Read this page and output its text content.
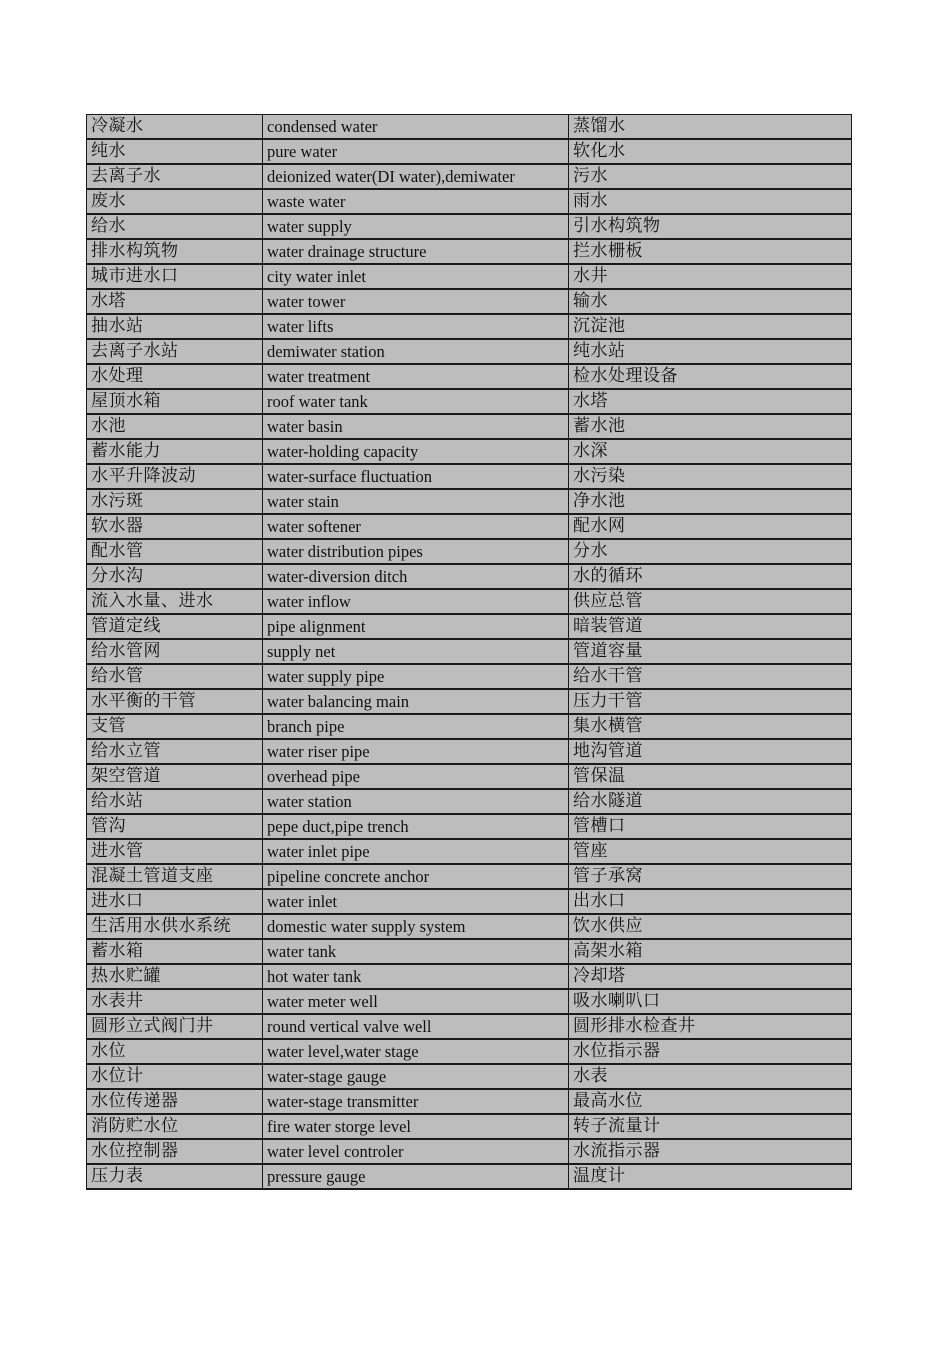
冷凝水	condensed water	蒸馏水
纯水	pure water	软化水
去离子水	deionized water(DI water),demiwater	污水
废水	waste water	雨水
给水	water supply	引水构筑物
排水构筑物	water drainage structure	拦水栅板
城市进水口	city water inlet	水井
水塔	water tower	输水
抽水站	water lifts	沉淀池
去离子水站	demiwater station	纯水站
水处理	water treatment	检水处理设备
屋顶水箱	roof water tank	水塔
水池	water basin	蓄水池
蓄水能力	water-holding capacity	水深
水平升降波动	water-surface fluctuation	水污染
水污斑	water stain	净水池
软水器	water softener	配水网
配水管	water distribution pipes	分水
分水沟	water-diversion ditch	水的循环
流入水量、进水	water inflow	供应总管
管道定线	pipe alignment	暗装管道
给水管网	supply net	管道容量
给水管	water supply pipe	给水干管
水平衡的干管	water balancing main	压力干管
支管	branch pipe	集水横管
给水立管	water riser pipe	地沟管道
架空管道	overhead pipe	管保温
给水站	water station	给水隧道
管沟	pepe duct,pipe trench	管槽口
进水管	water inlet pipe	管座
混凝土管道支座	pipeline concrete anchor	管子承窝
进水口	water inlet	出水口
生活用水供水系统	domestic water supply system	饮水供应
蓄水箱	water tank	高架水箱
热水贮罐	hot water tank	冷却塔
水表井	water meter well	吸水喇叭口
圆形立式阀门井	round vertical valve well	圆形排水检查井
水位	water level,water stage	水位指示器
水位计	water-stage gauge	水表
水位传递器	water-stage transmitter	最高水位
消防贮水位	fire water storge level	转子流量计
水位控制器	water level controler	水流指示器
压力表	pressure gauge	温度计
